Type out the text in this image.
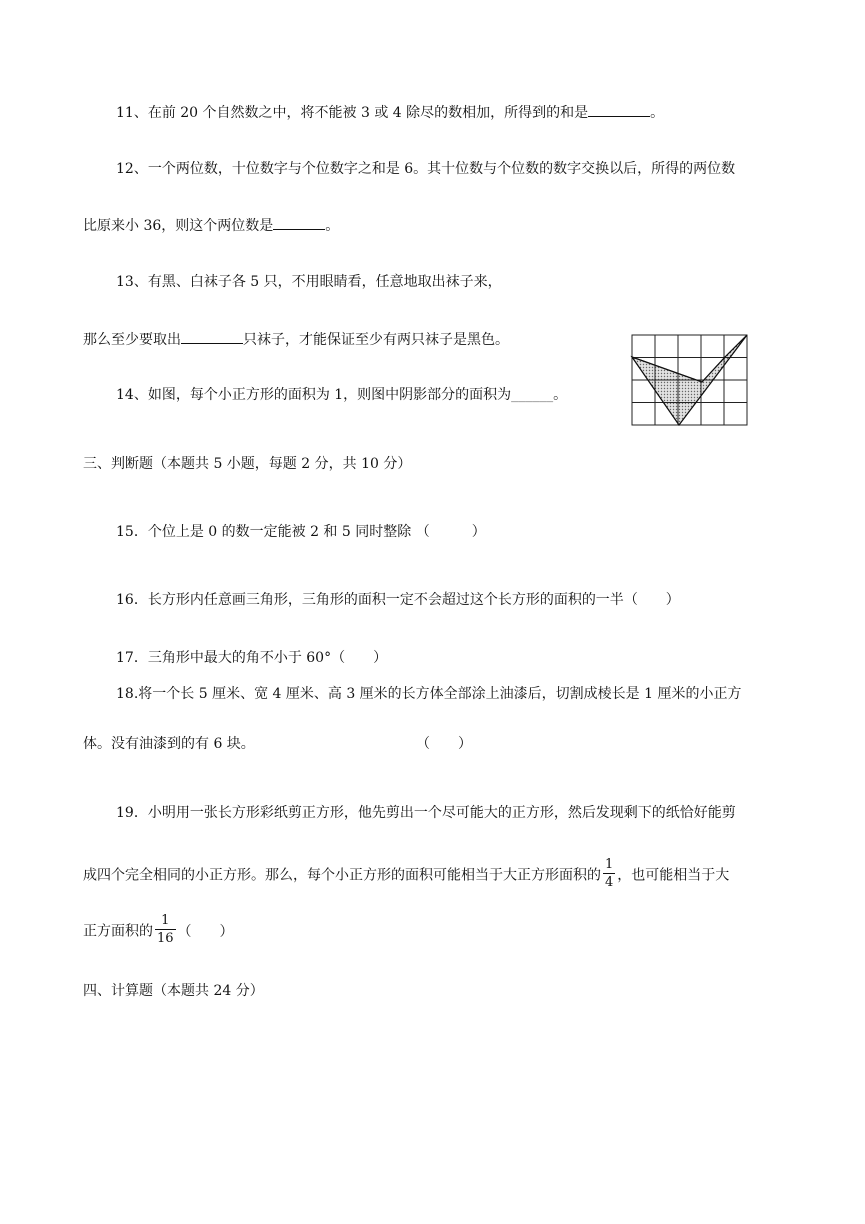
11、在前 20 个自然数之中，将不能被 3 或 4 除尽的数相加，所得到的和是	。
12、一个两位数，十位数字与个位数字之和是 6。其十位数与个位数的数字交换以后，所得的两位数
比原来小 36，则这个两位数是	。
13、有黑、白袜子各 5 只，不用眼睛看，任意地取出袜子来，
那么至少要取出	只袜子，才能保证至少有两只袜子是黑色。
14、如图，每个小正方形的面积为 1，则图中阴影部分的面积为______。
三、判断题（本题共 5 小题，每题 2 分，共 10 分）
15．个位上是 0 的数一定能被 2 和 5 同时整除 （　　　）
16．长方形内任意画三角形，三角形的面积一定不会超过这个长方形的面积的一半（　　）
17．三角形中最大的角不小于 60°（　　）
18.将一个长 5 厘米、宽 4 厘米、高 3 厘米的长方体全部涂上油漆后，切割成棱长是 1 厘米的小正方
体。没有油漆到的有 6 块。	（　　）
19．小明用一张长方形彩纸剪正方形，他先剪出一个尽可能大的正方形，然后发现剩下的纸恰好能剪
成四个完全相同的小正方形。那么，每个小正方形的面积可能相当于大正方形面积的 $\frac{1}{4}$ ，也可能相当于大
正方面积的 $\frac{1}{16}$ （　　）
四、计算题（本题共 24 分）
